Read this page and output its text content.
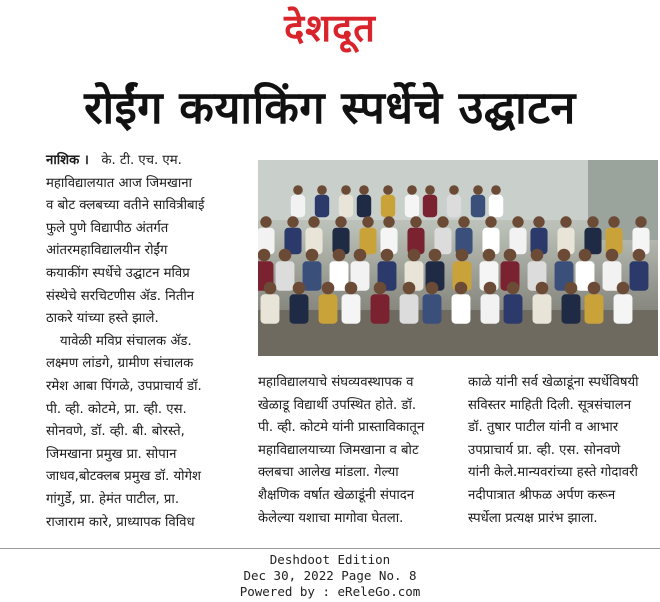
देशदूत
रोईंग कयाकिंग स्पर्धेचे उद्घाटन

नाशिक । के. टी. एच. एम.

महाविद्यालयात आज जिमखाना

व बोट क्लबच्या वतीने सावित्रीबाई

फुले पुणे विद्यापीठ अंतर्गत

आंतरमहाविद्यालयीन रोईंग

कयाकींग स्पर्धेचे उद्घाटन मविप्र

संस्थेचे सरचिटणीस ॲड. नितीन

ठाकरे यांच्या हस्ते झाले.

यावेळी मविप्र संचालक ॲड.

लक्ष्मण लांडगे, ग्रामीण संचालक

रमेश आबा पिंगळे, उपप्राचार्य डॉ.

पी. व्ही. कोटमे, प्रा. व्ही. एस.

सोनवणे, डॉ. व्ही. बी. बोरस्ते,

जिमखाना प्रमुख प्रा. सोपान

जाधव,बोटक्लब प्रमुख डॉ. योगेश

गांगुर्डे, प्रा. हेमंत पाटील, प्रा.

राजाराम कारे, प्राध्यापक विविध

महाविद्यालयाचे संघव्यवस्थापक व

खेळाडू विद्यार्थी उपस्थित होते. डॉ.

पी. व्ही. कोटमे यांनी प्रास्ताविकातून

महाविद्यालयाच्या जिमखाना व बोट

क्लबचा आलेख मांडला. गेल्या

शैक्षणिक वर्षात खेळाडूंनी संपादन

केलेल्या यशाचा मागोवा घेतला.

काळे यांनी सर्व खेळाडूंना स्पर्धेविषयी

सविस्तर माहिती दिली. सूत्रसंचालन

डॉ. तुषार पाटील यांनी व आभार

उपप्राचार्य प्रा. व्ही. एस. सोनवणे

यांनी केले.मान्यवरांच्या हस्ते गोदावरी

नदीपात्रात श्रीफळ अर्पण करून

स्पर्धेला प्रत्यक्ष प्रारंभ झाला.

Deshdoot Edition
Dec 30, 2022 Page No. 8
Powered by : eReleGo.com
